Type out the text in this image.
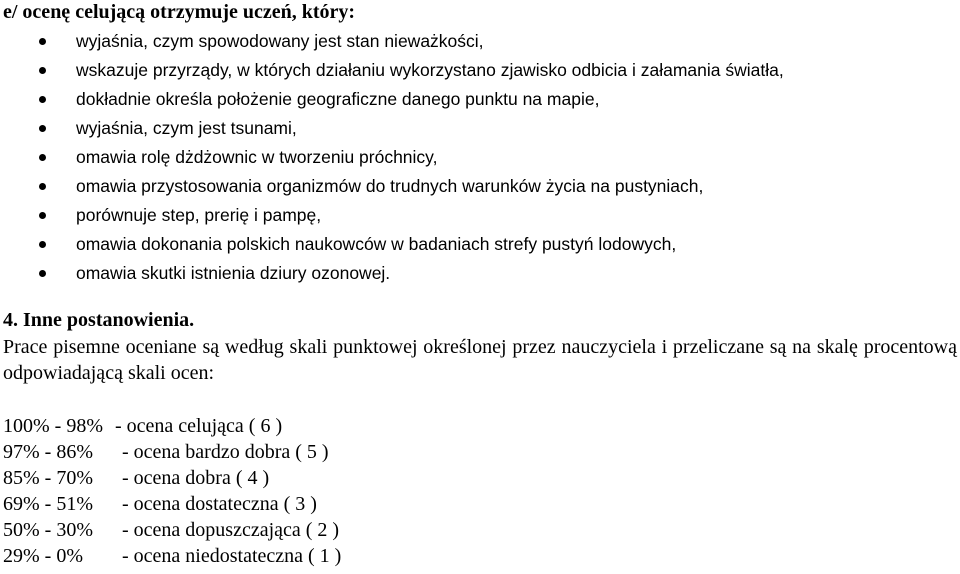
e/ ocenę celującą otrzymuje uczeń, który:
wyjaśnia, czym spowodowany jest stan nieważkości,
wskazuje przyrządy, w których działaniu wykorzystano zjawisko odbicia i załamania światła,
dokładnie określa położenie geograficzne danego punktu na mapie,
wyjaśnia, czym jest tsunami,
omawia rolę dżdżownic w tworzeniu próchnicy,
omawia przystosowania organizmów do trudnych warunków życia na pustyniach,
porównuje step, prerię i pampę,
omawia dokonania polskich naukowców w badaniach strefy pustyń lodowych,
omawia skutki istnienia dziury ozonowej.
4. Inne postanowienia.
Prace pisemne oceniane są według skali punktowej określonej przez nauczyciela i przeliczane są na skalę procentową odpowiadającą skali ocen:
100% - 98% - ocena celująca ( 6 )
97% - 86% - ocena bardzo dobra ( 5 )
85% - 70% - ocena dobra ( 4 )
69% - 51% - ocena dostateczna ( 3 )
50% - 30% - ocena dopuszczająca ( 2 )
29% - 0% - ocena niedostateczna ( 1 )
